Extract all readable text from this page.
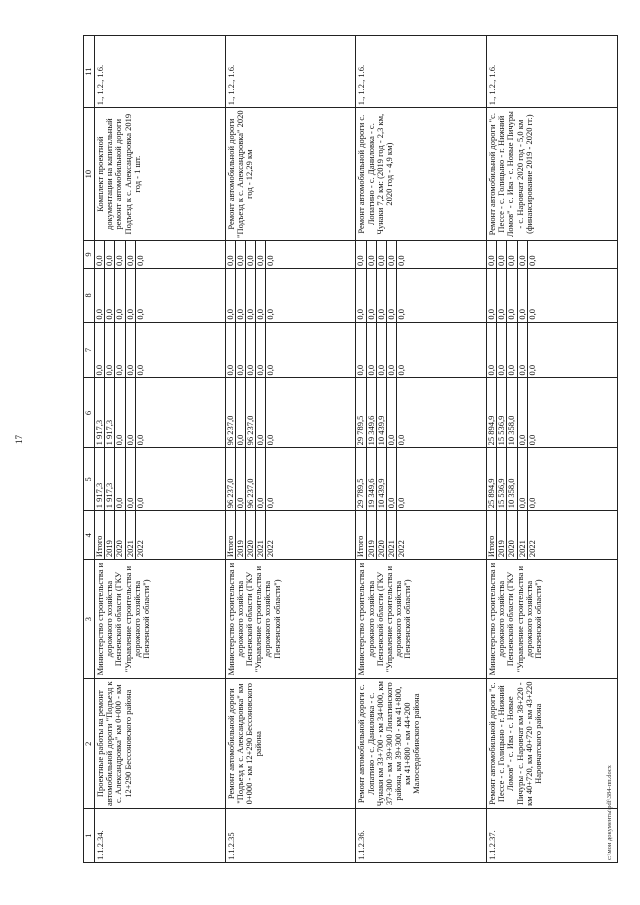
17
1	2	3	4	5	6	7	8	9	10	11
1.1.2.34.	Проектные работы на ремонт автомобильной дороги "Подъезд к с. Александровка" км 0+000 - км 12+290 Бессоновского района	Министерство строительства и дорожного хозяйства Пензенской области (ГКУ "Управление строительства и дорожного хозяйства Пензенской области")	Итого	1 917,3	1 917,3	0,0	0,0	0,0	Комплект проектной документации на капитальный ремонт автомобильной дороги Подъезд к с. Александровка 2019 год - 1 шт.	1., 1.2., 1.6.
			2019	1 917,3	1 917,3	0,0	0,0	0,0		
			2020	0,0	0,0	0,0	0,0	0,0		
			2021	0,0	0,0	0,0	0,0	0,0		
			2022	0,0	0,0	0,0	0,0	0,0		
1.1.2.35	Ремонт автомобильной дороги "Подъезд к с. Александровка" км 0+000 - км 12+290 Бессоновского района	Министерство строительства и дорожного хозяйства Пензенской области (ГКУ "Управление строительства и дорожного хозяйства Пензенской области")	Итого	96 237,0	96 237,0	0,0	0,0	0,0	Ремонт автомобильной дороги "Подъезд к с. Александровка" 2020 год - 12,29 км	1., 1.2., 1.6.
			2019	0,0	0,0	0,0	0,0	0,0		
			2020	96 237,0	96 237,0	0,0	0,0	0,0		
			2021	0,0	0,0	0,0	0,0	0,0		
			2022	0,0	0,0	0,0	0,0	0,0		
1.1.2.36.	Ремонт автомобильной дороги с. Лопатино - с. Даниловка - с. Чунаки км 33+700 - км 34+000, км 37+300 - км 39+300 Лопатинского района, км 39+300 - км 41+800, км 41+800 - км 44+200 Малосердобинского района	Министерство строительства и дорожного хозяйства Пензенской области (ГКУ "Управление строительства и дорожного хозяйства Пензенской области")	Итого	29 789,5	29 789,5	0,0	0,0	0,0	Ремонт автомобильной дороги с. Лопатино - с. Даниловка - с. Чунаки 7,2 км: (2019 год - 2,3 км, 2020 год - 4,9 км)	1., 1.2., 1.6.
			2019	19 349,6	19 349,6	0,0	0,0	0,0		
			2020	10 439,9	10 439,9	0,0	0,0	0,0		
			2021	0,0	0,0	0,0	0,0	0,0		
			2022	0,0	0,0	0,0	0,0	0,0		
1.1.2.37.	Ремонт автомобильной дороги "с. Пессе - с. Голицыно - г. Нижний Ломов" - с. Ива - с. Новые Пичуры - с. Наровчат км 38+220 - км 40+720, км 40+720 - км 43+220 Наровчатского района	Министерство строительства и дорожного хозяйства Пензенской области (ГКУ "Управление строительства и дорожного хозяйства Пензенской области")	Итого	25 894,9	25 894,9	0,0	0,0	0,0	Ремонт автомобильной дороги "с. Пессе - с. Голицыно - г. Нижний Ломов" - с. Ива - с. Новые Пичуры - с. Наровчат 2020 год - 5,0 км (финансирование 2019 - 2020 гг.)	1., 1.2., 1.6.
			2019	15 536,9	15 536,9	0,0	0,0	0,0		
			2020	10 358,0	10 358,0	0,0	0,0	0,0		
			2021	0,0	0,0	0,0	0,0	0,0		
			2022	0,0	0,0	0,0	0,0	0,0		
c:\мои документы\pdf\384-пп.docx
